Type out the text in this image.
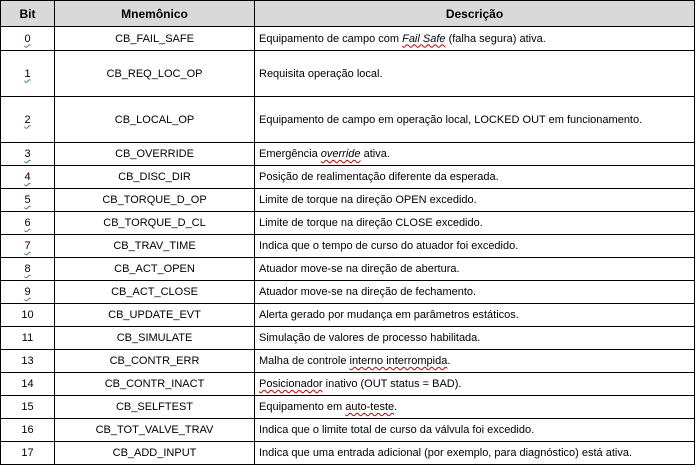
Bit	Mnemônico	Descrição
0	CB_FAIL_SAFE	Equipamento de campo com Fail Safe (falha segura) ativa.
1	CB_REQ_LOC_OP	Requisita operação local.
2	CB_LOCAL_OP	Equipamento de campo em operação local, LOCKED OUT em funcionamento.
3	CB_OVERRIDE	Emergência override ativa.
4	CB_DISC_DIR	Posição de realimentação diferente da esperada.
5	CB_TORQUE_D_OP	Limite de torque na direção OPEN excedido.
6	CB_TORQUE_D_CL	Limite de torque na direção CLOSE excedido.
7	CB_TRAV_TIME	Indica que o tempo de curso do atuador foi excedido.
8	CB_ACT_OPEN	Atuador move-se na direção de abertura.
9	CB_ACT_CLOSE	Atuador move-se na direção de fechamento.
10	CB_UPDATE_EVT	Alerta gerado por mudança em parâmetros estáticos.
11	CB_SIMULATE	Simulação de valores de processo habilitada.
13	CB_CONTR_ERR	Malha de controle interno interrompida.
14	CB_CONTR_INACT	Posicionador inativo (OUT status = BAD).
15	CB_SELFTEST	Equipamento em auto-teste.
16	CB_TOT_VALVE_TRAV	Indica que o limite total de curso da válvula foi excedido.
17	CB_ADD_INPUT	Indica que uma entrada adicional (por exemplo, para diagnóstico) está ativa.
